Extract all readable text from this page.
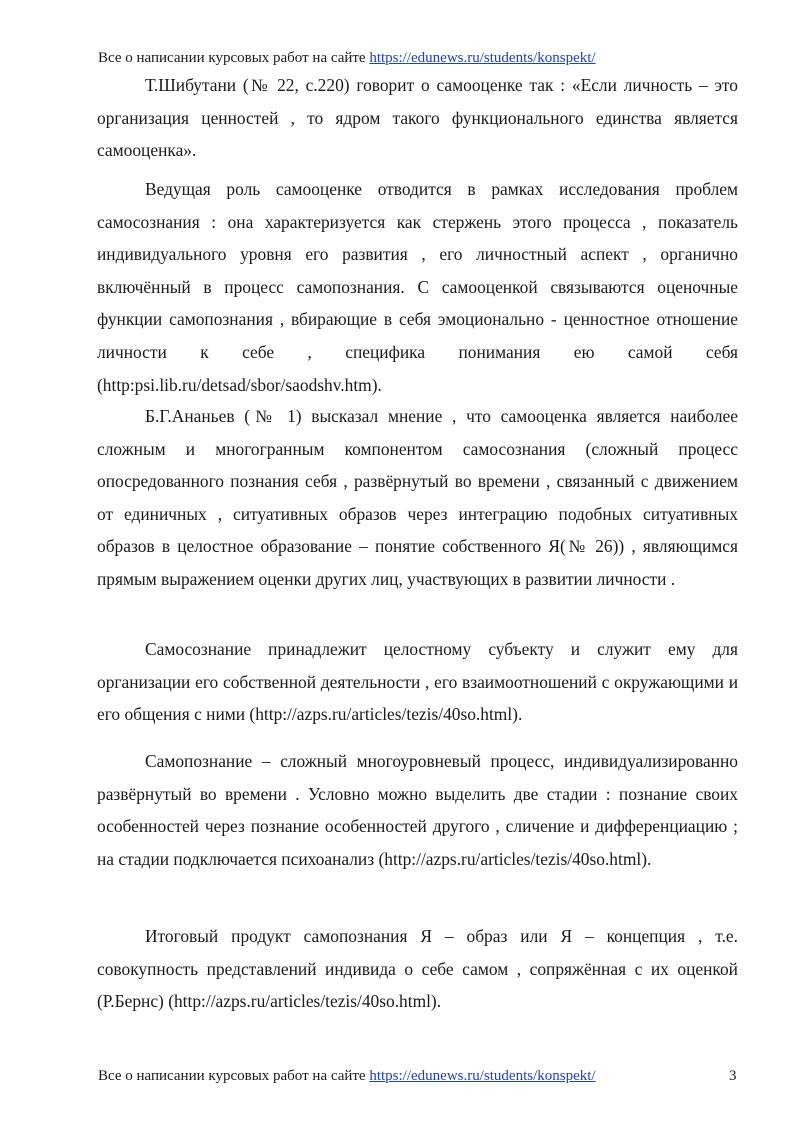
Все о написании курсовых работ на сайте https://edunews.ru/students/konspekt/

Т.Шибутани (№ 22, с.220) говорит о самооценке так : «Если личность – это организация ценностей , то ядром такого функционального единства является самооценка».

Ведущая роль самооценке отводится в рамках исследования проблем самосознания : она характеризуется как стержень этого процесса , показатель индивидуального уровня его развития , его личностный аспект , органично включённый в процесс самопознания. С самооценкой связываются оценочные функции самопознания , вбирающие в себя эмоционально - ценностное отношение личности к себе , специфика понимания ею самой себя (http:psi.lib.ru/detsad/sbor/saodshv.htm).

Б.Г.Ананьев (№ 1) высказал мнение , что самооценка является наиболее сложным и многогранным компонентом самосознания (сложный процесс опосредованного познания себя , развёрнутый во времени , связанный с движением от единичных , ситуативных образов через интеграцию подобных ситуативных образов в целостное образование – понятие собственного Я(№ 26)) , являющимся прямым выражением оценки других лиц, участвующих в развитии личности .

Самосознание принадлежит целостному субъекту и служит ему для организации его собственной деятельности , его взаимоотношений с окружающими и его общения с ними (http://azps.ru/articles/tezis/40so.html).

Самопознание – сложный многоуровневый процесс, индивидуализированно развёрнутый во времени . Условно можно выделить две стадии : познание своих особенностей через познание особенностей другого , сличение и дифференциацию ; на стадии подключается психоанализ (http://azps.ru/articles/tezis/40so.html).

Итоговый продукт самопознания Я – образ или Я – концепция , т.е. совокупность представлений индивида о себе самом , сопряжённая с их оценкой (Р.Бернс) (http://azps.ru/articles/tezis/40so.html).

Все о написании курсовых работ на сайте https://edunews.ru/students/konspekt/	3
